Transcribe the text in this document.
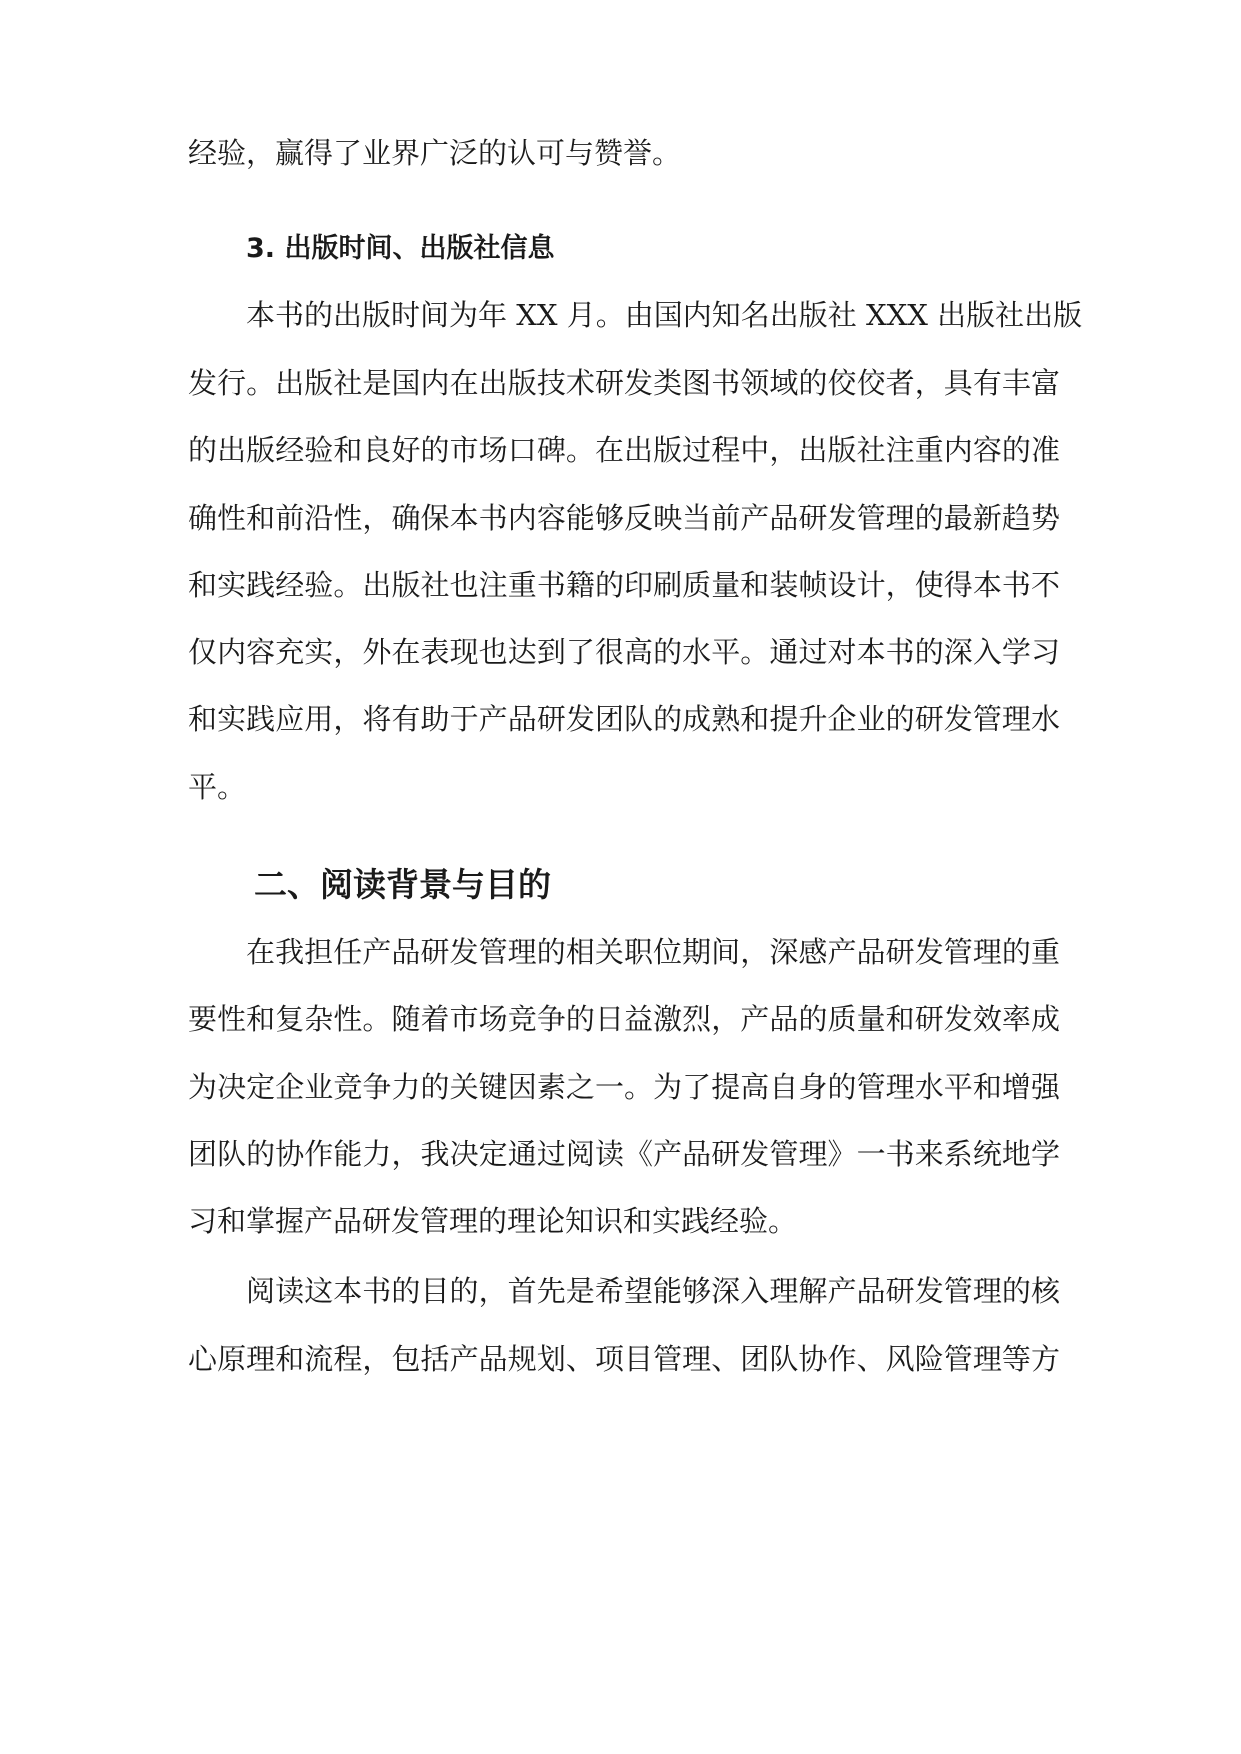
经验，赢得了业界广泛的认可与赞誉。

3. 出版时间、出版社信息

本书的出版时间为年 XX 月。由国内知名出版社 XXX 出版社出版

发行。出版社是国内在出版技术研发类图书领域的佼佼者，具有丰富

的出版经验和良好的市场口碑。在出版过程中，出版社注重内容的准

确性和前沿性，确保本书内容能够反映当前产品研发管理的最新趋势

和实践经验。出版社也注重书籍的印刷质量和装帧设计，使得本书不

仅内容充实，外在表现也达到了很高的水平。通过对本书的深入学习

和实践应用，将有助于产品研发团队的成熟和提升企业的研发管理水

平。

二、阅读背景与目的

在我担任产品研发管理的相关职位期间，深感产品研发管理的重

要性和复杂性。随着市场竞争的日益激烈，产品的质量和研发效率成

为决定企业竞争力的关键因素之一。为了提高自身的管理水平和增强

团队的协作能力，我决定通过阅读《产品研发管理》一书来系统地学

习和掌握产品研发管理的理论知识和实践经验。

阅读这本书的目的，首先是希望能够深入理解产品研发管理的核

心原理和流程，包括产品规划、项目管理、团队协作、风险管理等方
